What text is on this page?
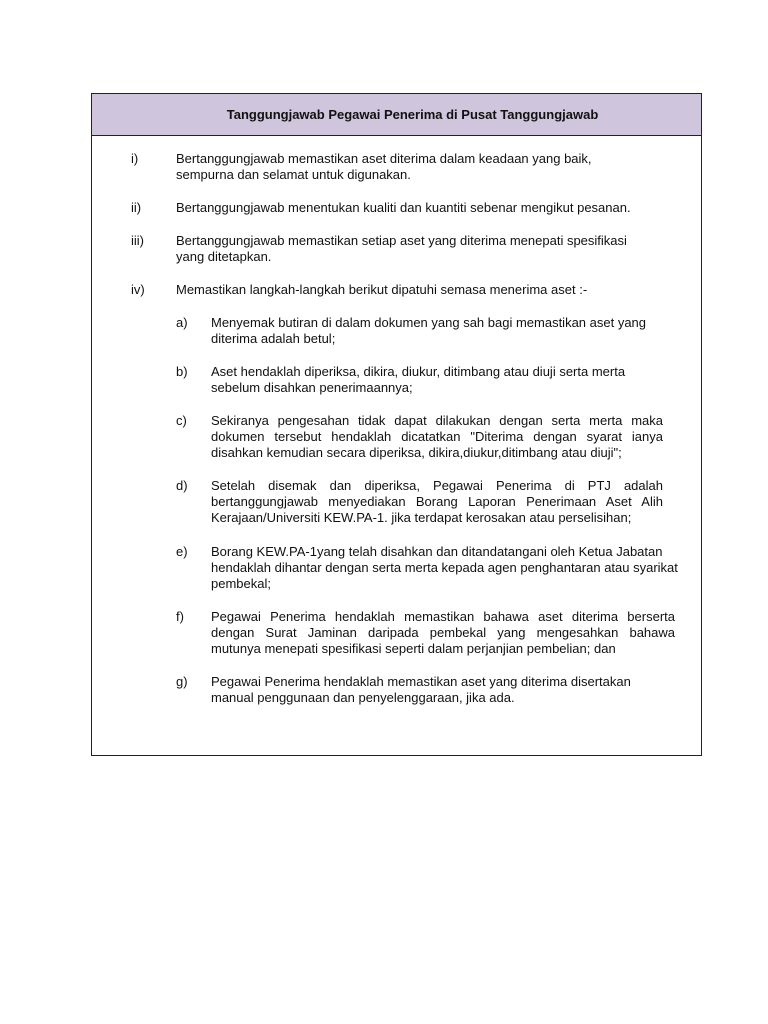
Tanggungjawab Pegawai Penerima di Pusat Tanggungjawab
i)	Bertanggungjawab memastikan aset diterima dalam keadaan yang baik, sempurna dan selamat untuk digunakan.
ii)	Bertanggungjawab menentukan kualiti dan kuantiti sebenar mengikut pesanan.
iii) Bertanggungjawab memastikan setiap aset yang diterima menepati spesifikasi yang ditetapkan.
iv) Memastikan langkah-langkah berikut dipatuhi semasa menerima aset :-
a) Menyemak butiran di dalam dokumen yang sah bagi memastikan aset yang diterima adalah betul;
b) Aset hendaklah diperiksa, dikira, diukur, ditimbang atau diuji serta merta sebelum disahkan penerimaannya;
c) Sekiranya pengesahan tidak dapat dilakukan dengan serta merta maka dokumen tersebut hendaklah dicatatkan "Diterima dengan syarat ianya disahkan kemudian secara diperiksa, dikira,diukur,ditimbang atau diuji";
d) Setelah disemak dan diperiksa, Pegawai Penerima di PTJ adalah bertanggungjawab menyediakan Borang Laporan Penerimaan Aset Alih Kerajaan/Universiti KEW.PA-1. jika terdapat kerosakan atau perselisihan;
e) Borang KEW.PA-1yang telah disahkan dan ditandatangani oleh Ketua Jabatan hendaklah dihantar dengan serta merta kepada agen penghantaran atau syarikat pembekal;
f) Pegawai Penerima hendaklah memastikan bahawa aset diterima berserta dengan Surat Jaminan daripada pembekal yang mengesahkan bahawa mutunya menepati spesifikasi seperti dalam perjanjian pembelian; dan
g) Pegawai Penerima hendaklah memastikan aset yang diterima disertakan manual penggunaan dan penyelenggaraan, jika ada.
